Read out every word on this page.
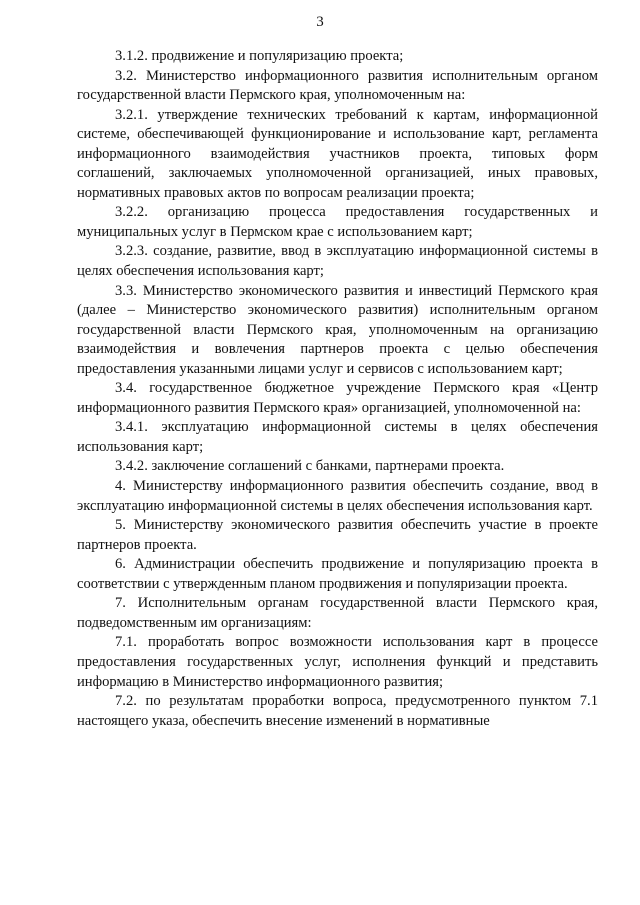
3

3.1.2. продвижение и популяризацию проекта;

3.2. Министерство информационного развития исполнительным органом государственной власти Пермского края, уполномоченным на:

3.2.1. утверждение технических требований к картам, информационной системе, обеспечивающей функционирование и использование карт, регламента информационного взаимодействия участников проекта, типовых форм соглашений, заключаемых уполномоченной организацией, иных правовых, нормативных правовых актов по вопросам реализации проекта;

3.2.2. организацию процесса предоставления государственных и муниципальных услуг в Пермском крае с использованием карт;

3.2.3. создание, развитие, ввод в эксплуатацию информационной системы в целях обеспечения использования карт;

3.3. Министерство экономического развития и инвестиций Пермского края (далее – Министерство экономического развития) исполнительным органом государственной власти Пермского края, уполномоченным на организацию взаимодействия и вовлечения партнеров проекта с целью обеспечения предоставления указанными лицами услуг и сервисов с использованием карт;

3.4. государственное бюджетное учреждение Пермского края «Центр информационного развития Пермского края» организацией, уполномоченной на:

3.4.1. эксплуатацию информационной системы в целях обеспечения использования карт;

3.4.2. заключение соглашений с банками, партнерами проекта.

4. Министерству информационного развития обеспечить создание, ввод в эксплуатацию информационной системы в целях обеспечения использования карт.

5. Министерству экономического развития обеспечить участие в проекте партнеров проекта.

6. Администрации обеспечить продвижение и популяризацию проекта в соответствии с утвержденным планом продвижения и популяризации проекта.

7. Исполнительным органам государственной власти Пермского края, подведомственным им организациям:

7.1. проработать вопрос возможности использования карт в процессе предоставления государственных услуг, исполнения функций и представить информацию в Министерство информационного развития;

7.2. по результатам проработки вопроса, предусмотренного пунктом 7.1 настоящего указа, обеспечить внесение изменений в нормативные
